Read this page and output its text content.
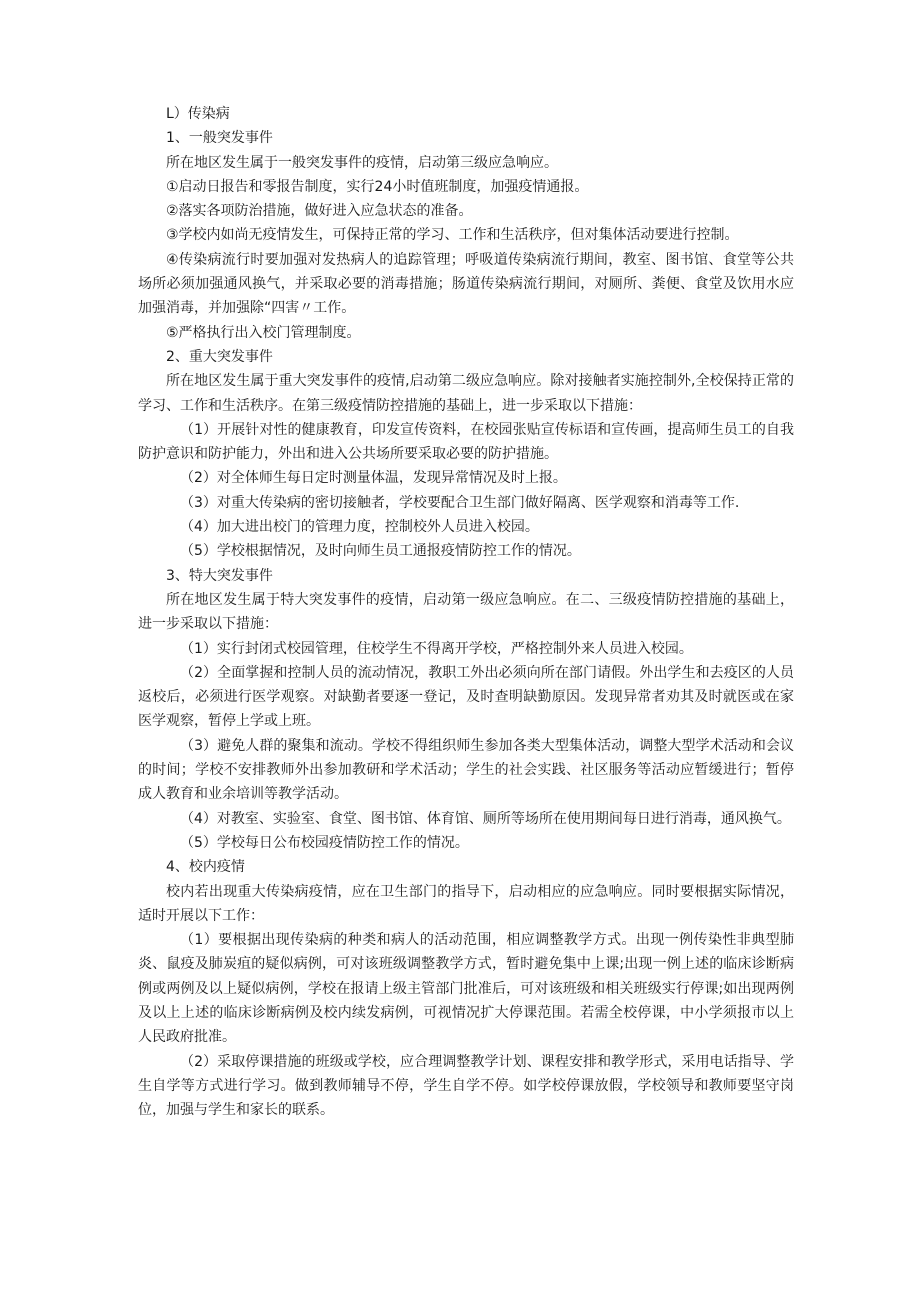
L）传染病

1、一般突发事件

所在地区发生属于一般突发事件的疫情，启动第三级应急响应。

①启动日报告和零报告制度，实行24小时值班制度，加强疫情通报。

②落实各项防治措施，做好进入应急状态的准备。

③学校内如尚无疫情发生，可保持正常的学习、工作和生活秩序，但对集体活动要进行控制。

④传染病流行时要加强对发热病人的追踪管理；呼吸道传染病流行期间，教室、图书馆、食堂等公共场所必须加强通风换气，并采取必要的消毒措施；肠道传染病流行期间，对厕所、粪便、食堂及饮用水应加强消毒，并加强除“四害〃工作。

⑤严格执行出入校门管理制度。

2、重大突发事件

所在地区发生属于重大突发事件的疫情,启动第二级应急响应。除对接触者实施控制外,全校保持正常的学习、工作和生活秩序。在第三级疫情防控措施的基础上，进一步采取以下措施：

（1）开展针对性的健康教育，印发宣传资料，在校园张贴宣传标语和宣传画，提高师生员工的自我防护意识和防护能力，外出和进入公共场所要采取必要的防护措施。

（2）对全体师生每日定时测量体温，发现异常情况及时上报。

（3）对重大传染病的密切接触者，学校要配合卫生部门做好隔离、医学观察和消毒等工作.

（4）加大进出校门的管理力度，控制校外人员进入校园。

（5）学校根据情况，及时向师生员工通报疫情防控工作的情况。

3、特大突发事件

所在地区发生属于特大突发事件的疫情，启动第一级应急响应。在二、三级疫情防控措施的基础上，进一步采取以下措施：

（1）实行封闭式校园管理，住校学生不得离开学校，严格控制外来人员进入校园。

（2）全面掌握和控制人员的流动情况，教职工外出必须向所在部门请假。外出学生和去疫区的人员返校后，必须进行医学观察。对缺勤者要逐一登记，及时查明缺勤原因。发现异常者劝其及时就医或在家医学观察，暂停上学或上班。

（3）避免人群的聚集和流动。学校不得组织师生参加各类大型集体活动，调整大型学术活动和会议的时间；学校不安排教师外出参加教研和学术活动；学生的社会实践、社区服务等活动应暂缓进行；暂停成人教育和业余培训等教学活动。

（4）对教室、实验室、食堂、图书馆、体育馆、厕所等场所在使用期间每日进行消毒，通风换气。

（5）学校每日公布校园疫情防控工作的情况。

4、校内疫情

校内若出现重大传染病疫情，应在卫生部门的指导下，启动相应的应急响应。同时要根据实际情况，适时开展以下工作：

（1）要根据出现传染病的种类和病人的活动范围，相应调整教学方式。出现一例传染性非典型肺炎、鼠疫及肺炭疽的疑似病例，可对该班级调整教学方式，暂时避免集中上课;出现一例上述的临床诊断病例或两例及以上疑似病例，学校在报请上级主管部门批准后，可对该班级和相关班级实行停课;如出现两例及以上上述的临床诊断病例及校内续发病例，可视情况扩大停课范围。若需全校停课，中小学须报市以上人民政府批准。

（2）采取停课措施的班级或学校，应合理调整教学计划、课程安排和教学形式，采用电话指导、学生自学等方式进行学习。做到教师辅导不停，学生自学不停。如学校停课放假，学校领导和教师要坚守岗位，加强与学生和家长的联系。
